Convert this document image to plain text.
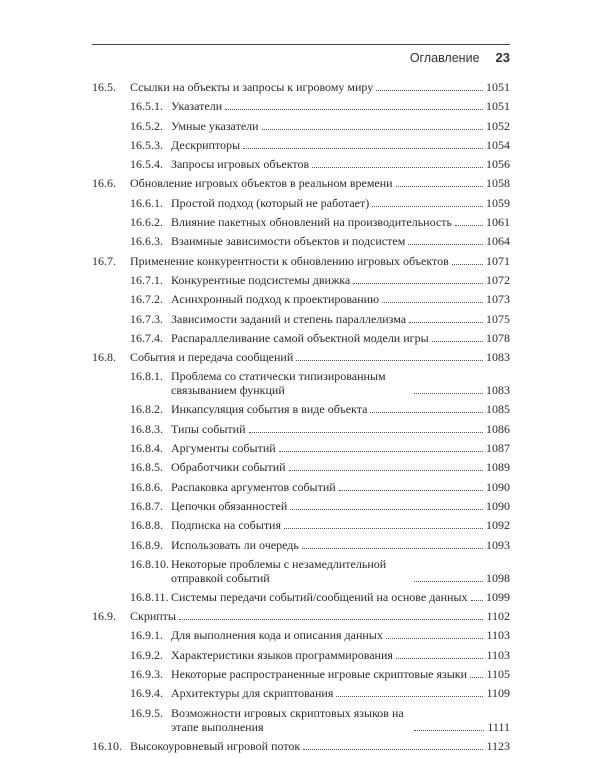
Оглавление 23
16.5. Ссылки на объекты и запросы к игровому миру	1051
16.5.1. Указатели	1051
16.5.2. Умные указатели	1052
16.5.3. Дескрипторы	1054
16.5.4. Запросы игровых объектов	1056
16.6. Обновление игровых объектов в реальном времени	1058
16.6.1. Простой подход (который не работает)	1059
16.6.2. Влияние пакетных обновлений на производительность	1061
16.6.3. Взаимные зависимости объектов и подсистем	1064
16.7. Применение конкурентности к обновлению игровых объектов	1071
16.7.1. Конкурентные подсистемы движка	1072
16.7.2. Асинхронный подход к проектированию	1073
16.7.3. Зависимости заданий и степень параллелизма	1075
16.7.4. Распараллеливание самой объектной модели игры	1078
16.8. События и передача сообщений	1083
16.8.1. Проблема со статически типизированным связыванием функций	1083
16.8.2. Инкапсуляция события в виде объекта	1085
16.8.3. Типы событий	1086
16.8.4. Аргументы событий	1087
16.8.5. Обработчики событий	1089
16.8.6. Распаковка аргументов событий	1090
16.8.7. Цепочки обязанностей	1090
16.8.8. Подписка на события	1092
16.8.9. Использовать ли очередь	1093
16.8.10. Некоторые проблемы с незамедлительной отправкой событий	1098
16.8.11. Системы передачи событий/сообщений на основе данных 1099
16.9. Скрипты	1102
16.9.1. Для выполнения кода и описания данных	1103
16.9.2. Характеристики языков программирования	1103
16.9.3. Некоторые распространенные игровые скриптовые языки 1105
16.9.4. Архитектуры для скриптования	1109
16.9.5. Возможности игровых скриптовых языков на этапе выполнения	1111
16.10. Высокоуровневый игровой поток	1123
